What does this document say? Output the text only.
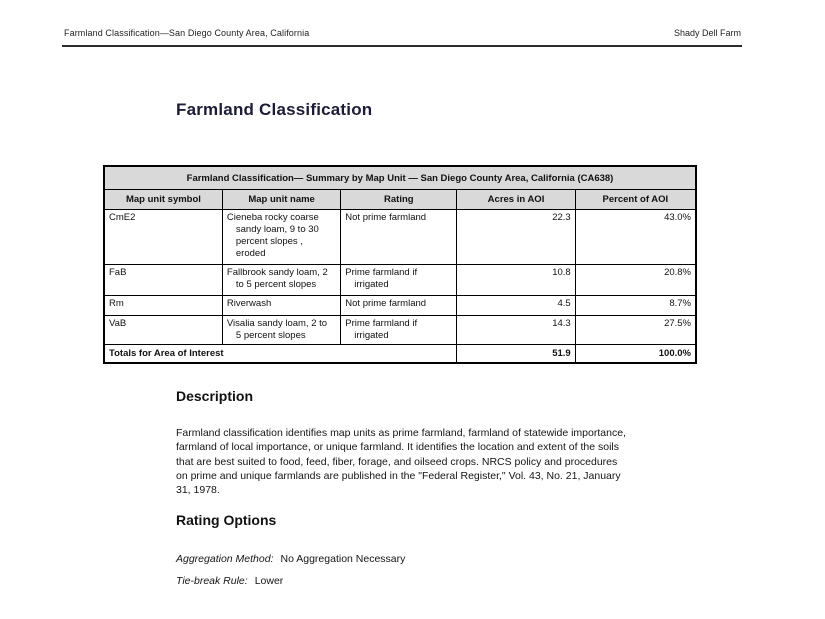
Farmland Classification—San Diego County Area, California	Shady Dell Farm
Farmland Classification
Farmland Classification— Summary by Map Unit — San Diego County Area, California (CA638)				
Map unit symbol	Map unit name	Rating	Acres in AOI	Percent of AOI
CmE2	Cieneba rocky coarse sandy loam, 9 to 30 percent slopes , eroded	Not prime farmland	22.3	43.0%
FaB	Fallbrook sandy loam, 2 to 5 percent slopes	Prime farmland if irrigated	10.8	20.8%
Rm	Riverwash	Not prime farmland	4.5	8.7%
VaB	Visalia sandy loam, 2 to 5 percent slopes	Prime farmland if irrigated	14.3	27.5%
Totals for Area of Interest			51.9	100.0%
Description
Farmland classification identifies map units as prime farmland, farmland of statewide importance, farmland of local importance, or unique farmland. It identifies the location and extent of the soils that are best suited to food, feed, fiber, forage, and oilseed crops. NRCS policy and procedures on prime and unique farmlands are published in the "Federal Register," Vol. 43, No. 21, January 31, 1978.
Rating Options
Aggregation Method: No Aggregation Necessary
Tie-break Rule: Lower
